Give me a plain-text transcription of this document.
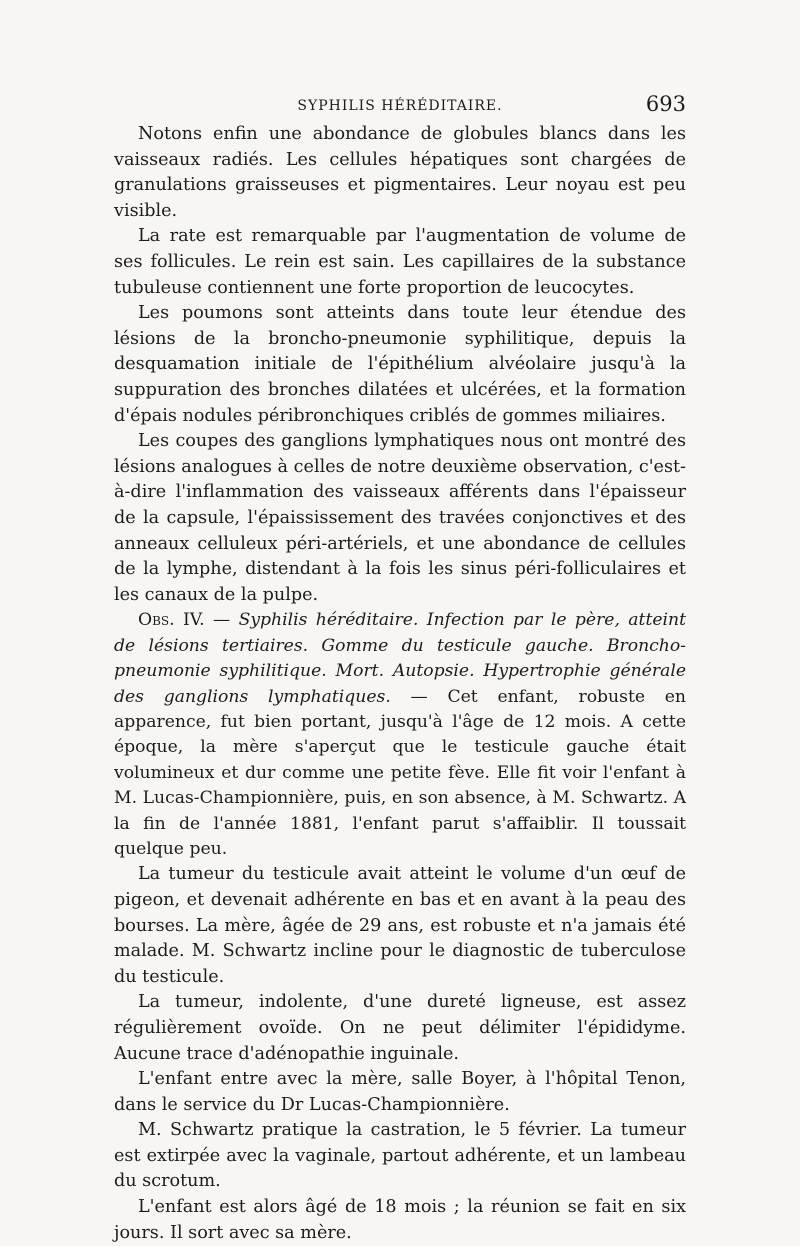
SYPHILIS HÉRÉDITAIRE.	693

Notons enfin une abondance de globules blancs dans les vaisseaux radiés. Les cellules hépatiques sont chargées de granulations graisseuses et pigmentaires. Leur noyau est peu visible.

La rate est remarquable par l'augmentation de volume de ses follicules. Le rein est sain. Les capillaires de la substance tubuleuse contiennent une forte proportion de leucocytes.

Les poumons sont atteints dans toute leur étendue des lésions de la broncho-pneumonie syphilitique, depuis la desquamation initiale de l'épithélium alvéolaire jusqu'à la suppuration des bronches dilatées et ulcérées, et la formation d'épais nodules péribronchiques criblés de gommes miliaires.

Les coupes des ganglions lymphatiques nous ont montré des lésions analogues à celles de notre deuxième observation, c'est-à-dire l'inflammation des vaisseaux afférents dans l'épaisseur de la capsule, l'épaississement des travées conjonctives et des anneaux celluleux péri-artériels, et une abondance de cellules de la lymphe, distendant à la fois les sinus péri-folliculaires et les canaux de la pulpe.

Obs. IV. — Syphilis héréditaire. Infection par le père, atteint de lésions tertiaires. Gomme du testicule gauche. Broncho-pneumonie syphilitique. Mort. Autopsie. Hypertrophie générale des ganglions lymphatiques. — Cet enfant, robuste en apparence, fut bien portant, jusqu'à l'âge de 12 mois. A cette époque, la mère s'aperçut que le testicule gauche était volumineux et dur comme une petite fève. Elle fit voir l'enfant à M. Lucas-Championnière, puis, en son absence, à M. Schwartz. A la fin de l'année 1881, l'enfant parut s'affaiblir. Il toussait quelque peu.

La tumeur du testicule avait atteint le volume d'un œuf de pigeon, et devenait adhérente en bas et en avant à la peau des bourses. La mère, âgée de 29 ans, est robuste et n'a jamais été malade. M. Schwartz incline pour le diagnostic de tuberculose du testicule.

La tumeur, indolente, d'une dureté ligneuse, est assez régulièrement ovoïde. On ne peut délimiter l'épididyme. Aucune trace d'adénopathie inguinale.

L'enfant entre avec la mère, salle Boyer, à l'hôpital Tenon, dans le service du Dr Lucas-Championnière.

M. Schwartz pratique la castration, le 5 février. La tumeur est extirpée avec la vaginale, partout adhérente, et un lambeau du scrotum.

L'enfant est alors âgé de 18 mois ; la réunion se fait en six jours. Il sort avec sa mère.
